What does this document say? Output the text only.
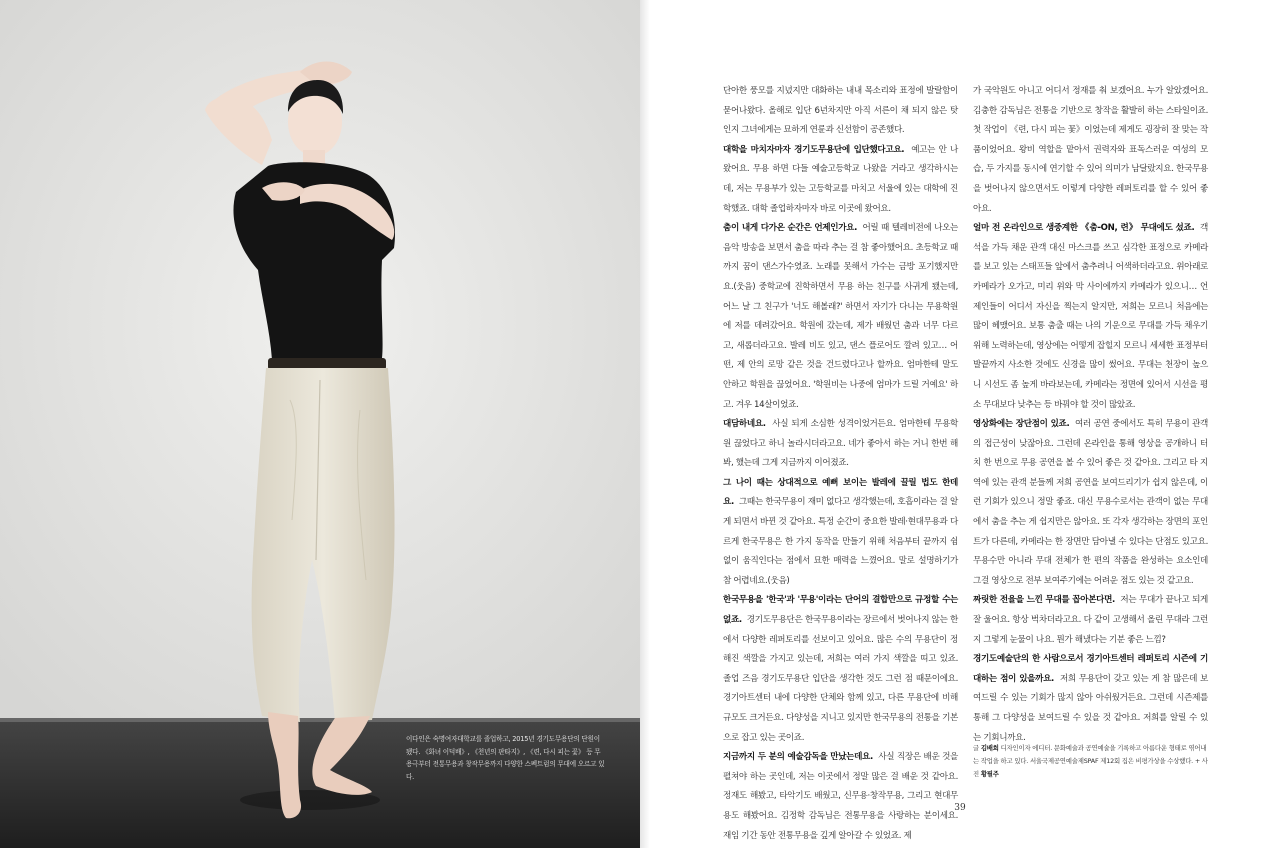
이다인은 숙명여자대학교를 졸업하고, 2015년 경기도무용단의 단원이 됐다. 《화녀 이덕배》, 《천년의 판타지》, 《련, 다시 피는 꽃》 등 무용극부터 전통무용과 창작무용까지 다양한 스펙트럼의 무대에 오르고 있다.

단아한 풍모를 지녔지만 대화하는 내내 목소리와 표정에 발랄함이 묻어나왔다. 올해로 입단 6년차지만 아직 서른이 채 되지 않은 탓인지 그녀에게는 묘하게 연륜과 신선함이 공존했다.

대학을 마치자마자 경기도무용단에 입단했다고요. 예고는 안 나왔어요. 무용 하면 다들 예술고등학교 나왔을 거라고 생각하시는데, 저는 무용부가 있는 고등학교를 마치고 서울에 있는 대학에 진학했죠. 대학 졸업하자마자 바로 이곳에 왔어요.

춤이 내게 다가온 순간은 언제인가요. 어릴 때 텔레비전에 나오는 음악 방송을 보면서 춤을 따라 추는 걸 참 좋아했어요. 초등학교 때까지 꿈이 댄스가수였죠. 노래를 못해서 가수는 금방 포기했지만요.(웃음) 중학교에 진학하면서 무용 하는 친구를 사귀게 됐는데, 어느 날 그 친구가 '너도 해볼래?' 하면서 자기가 다니는 무용학원에 저를 데려갔어요. 학원에 갔는데, 제가 배웠던 춤과 너무 다르고, 새롭더라고요. 발레 비도 있고, 댄스 플로어도 깔려 있고… 어떤, 제 안의 로망 같은 것을 건드렸다고나 할까요. 엄마한테 말도 안하고 학원을 끊었어요. '학원비는 나중에 엄마가 드릴 거예요' 하고. 겨우 14살이었죠.

대담하네요. 사실 되게 소심한 성격이었거든요. 엄마한테 무용학원 끊었다고 하니 놀라시더라고요. 네가 좋아서 하는 거니 한번 해 봐, 했는데 그게 지금까지 이어졌죠.

그 나이 때는 상대적으로 예뻐 보이는 발레에 끌릴 법도 한데요. 그때는 한국무용이 재미 없다고 생각했는데, 호흡이라는 걸 알게 되면서 바뀐 것 같아요. 특정 순간이 중요한 발레·현대무용과 다르게 한국무용은 한 가지 동작을 만들기 위해 처음부터 끝까지 쉼없이 움직인다는 점에서 묘한 매력을 느꼈어요. 말로 설명하기가 참 어렵네요.(웃음)

한국무용을 '한국'과 '무용'이라는 단어의 결합만으로 규정할 수는 없죠. 경기도무용단은 한국무용이라는 장르에서 벗어나지 않는 한에서 다양한 레퍼토리를 선보이고 있어요. 많은 수의 무용단이 정해진 색깔을 가지고 있는데, 저희는 여러 가지 색깔을 띠고 있죠. 졸업 즈음 경기도무용단 입단을 생각한 것도 그런 점 때문이에요. 경기아트센터 내에 다양한 단체와 함께 있고, 다른 무용단에 비해 규모도 크거든요. 다양성을 지니고 있지만 한국무용의 전통을 기본으로 잡고 있는 곳이죠.

지금까지 두 분의 예술감독을 만났는데요. 사실 직장은 배운 것을 펼쳐야 하는 곳인데, 저는 이곳에서 정말 많은 걸 배운 것 같아요. 정재도 해봤고, 타악기도 배웠고, 신무용·창작무용, 그리고 현대무용도 해봤어요. 김정학 감독님은 전통무용을 사랑하는 분이세요. 재임 기간 동안 전통무용을 깊게 알아갈 수 있었죠. 제

가 국악원도 아니고 어디서 정재를 춰 보겠어요. 누가 알았겠어요. 김충한 감독님은 전통을 기반으로 창작을 활발히 하는 스타일이죠. 첫 작업이 《련, 다시 피는 꽃》이었는데 제게도 굉장히 잘 맞는 작품이었어요. 왕비 역할을 맡아서 권력자와 표독스러운 여성의 모습, 두 가지를 동시에 연기할 수 있어 의미가 남달랐지요. 한국무용을 벗어나지 않으면서도 이렇게 다양한 레퍼토리를 할 수 있어 좋아요.

얼마 전 온라인으로 생중계한 《춤-ON, 련》 무대에도 섰죠. 객석을 가득 채운 관객 대신 마스크를 쓰고 심각한 표정으로 카메라를 보고 있는 스태프들 앞에서 춤추려니 어색하더라고요. 위아래로 카메라가 오가고, 미리 위와 막 사이에까지 카메라가 있으니… 언제인들이 어디서 자신을 찍는지 알지만, 저희는 모르니 처음에는 많이 헤맸어요. 보통 춤출 때는 나의 기운으로 무대를 가득 채우기 위해 노력하는데, 영상에는 어떻게 잡힐지 모르니 세세한 표정부터 발끝까지 사소한 것에도 신경을 많이 썼어요. 무대는 천장이 높으니 시선도 좀 높게 바라보는데, 카메라는 정면에 있어서 시선을 평소 무대보다 낮추는 등 바꿔야 할 것이 많았죠.

영상화에는 장단점이 있죠. 여러 공연 중에서도 특히 무용이 관객의 접근성이 낮잖아요. 그런데 온라인을 통해 영상을 공개하니 터치 한 번으로 무용 공연을 볼 수 있어 좋은 것 같아요. 그리고 타 지역에 있는 관객 분들께 저희 공연을 보여드리기가 쉽지 않은데, 이런 기회가 있으니 정말 좋죠. 대신 무용수로서는 관객이 없는 무대에서 춤을 추는 게 쉽지만은 않아요. 또 각자 생각하는 장면의 포인트가 다른데, 카메라는 한 장면만 담아낼 수 있다는 단점도 있고요. 무용수만 아니라 무대 전체가 한 편의 작품을 완성하는 요소인데 그걸 영상으로 전부 보여주기에는 어려운 점도 있는 것 같고요.

짜릿한 전율을 느낀 무대를 꼽아본다면. 저는 무대가 끝나고 되게 잘 울어요. 항상 벅차더라고요. 다 같이 고생해서 올린 무대라 그런지 그렇게 눈물이 나요. 뭔가 해냈다는 기분 좋은 느낌?

경기도예술단의 한 사람으로서 경기아트센터 레퍼토리 시즌에 기대하는 점이 있을까요. 저희 무용단이 갖고 있는 게 참 많은데 보여드릴 수 있는 기회가 많지 않아 아쉬웠거든요. 그런데 시즌제를 통해 그 다양성을 보여드릴 수 있을 것 같아요. 저희를 알릴 수 있는 기회니까요.

글 김배희 디자인이자 에디터. 문화예술과 공연예술을 기록하고 아름다운 형태로 엮어내는 작업을 하고 있다. 서울국제공연예술제SPAF 제12회 집은 비평가상을 수상했다. + 사진 황필주
39
